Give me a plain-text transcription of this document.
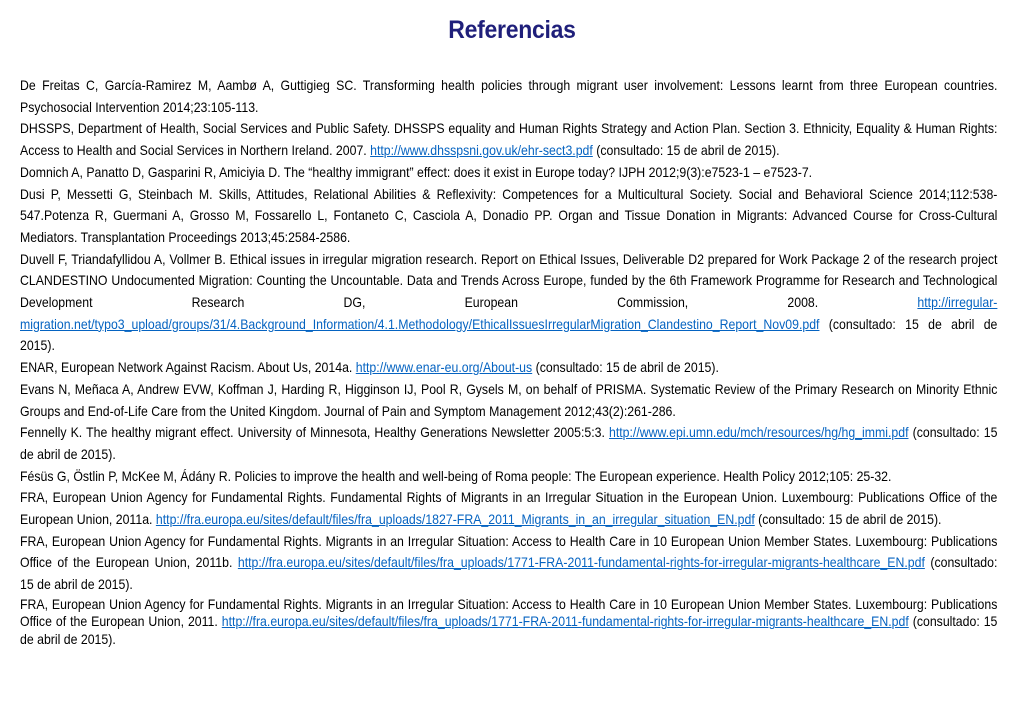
Referencias

De Freitas C, García-Ramirez M, Aambø A, Guttigieg SC. Transforming health policies through migrant user involvement: Lessons learnt from three European countries. Psychosocial Intervention 2014;23:105-113.

DHSSPS, Department of Health, Social Services and Public Safety. DHSSPS equality and Human Rights Strategy and Action Plan. Section 3. Ethnicity, Equality & Human Rights: Access to Health and Social Services in Northern Ireland. 2007. http://www.dhsspsni.gov.uk/ehr-sect3.pdf (consultado: 15 de abril de 2015).

Domnich A, Panatto D, Gasparini R, Amiciyia D. The “healthy immigrant” effect: does it exist in Europe today? IJPH 2012;9(3):e7523-1 – e7523-7.

Dusi P, Messetti G, Steinbach M. Skills, Attitudes, Relational Abilities & Reflexivity: Competences for a Multicultural Society. Social and Behavioral Science 2014;112:538-547.Potenza R, Guermani A, Grosso M, Fossarello L, Fontaneto C, Casciola A, Donadio PP. Organ and Tissue Donation in Migrants: Advanced Course for Cross-Cultural Mediators. Transplantation Proceedings 2013;45:2584-2586.

Duvell F, Triandafyllidou A, Vollmer B. Ethical issues in irregular migration research. Report on Ethical Issues, Deliverable D2 prepared for Work Package 2 of the research project CLANDESTINO Undocumented Migration: Counting the Uncountable. Data and Trends Across Europe, funded by the 6th Framework Programme for Research and Technological Development Research DG, European Commission, 2008. http://irregular-migration.net/typo3_upload/groups/31/4.Background_Information/4.1.Methodology/EthicalIssuesIrregularMigration_Clandestino_Report_Nov09.pdf (consultado: 15 de abril de 2015).

ENAR, European Network Against Racism. About Us, 2014a. http://www.enar-eu.org/About-us (consultado: 15 de abril de 2015).

Evans N, Meñaca A, Andrew EVW, Koffman J, Harding R, Higginson IJ, Pool R, Gysels M, on behalf of PRISMA. Systematic Review of the Primary Research on Minority Ethnic Groups and End-of-Life Care from the United Kingdom. Journal of Pain and Symptom Management 2012;43(2):261-286.

Fennelly K. The healthy migrant effect. University of Minnesota, Healthy Generations Newsletter 2005:5:3. http://www.epi.umn.edu/mch/resources/hg/hg_immi.pdf (consultado: 15 de abril de 2015).

Fésüs G, Östlin P, McKee M, Ádány R. Policies to improve the health and well-being of Roma people: The European experience. Health Policy 2012;105: 25-32.

FRA, European Union Agency for Fundamental Rights. Fundamental Rights of Migrants in an Irregular Situation in the European Union. Luxembourg: Publications Office of the European Union, 2011a. http://fra.europa.eu/sites/default/files/fra_uploads/1827-FRA_2011_Migrants_in_an_irregular_situation_EN.pdf (consultado: 15 de abril de 2015).

FRA, European Union Agency for Fundamental Rights. Migrants in an Irregular Situation: Access to Health Care in 10 European Union Member States. Luxembourg: Publications Office of the European Union, 2011b. http://fra.europa.eu/sites/default/files/fra_uploads/1771-FRA-2011-fundamental-rights-for-irregular-migrants-healthcare_EN.pdf (consultado: 15 de abril de 2015).

FRA, European Union Agency for Fundamental Rights. Migrants in an Irregular Situation: Access to Health Care in 10 European Union Member States. Luxembourg: Publications Office of the European Union, 2011. http://fra.europa.eu/sites/default/files/fra_uploads/1771-FRA-2011-fundamental-rights-for-irregular-migrants-healthcare_EN.pdf (consultado: 15 de abril de 2015).
